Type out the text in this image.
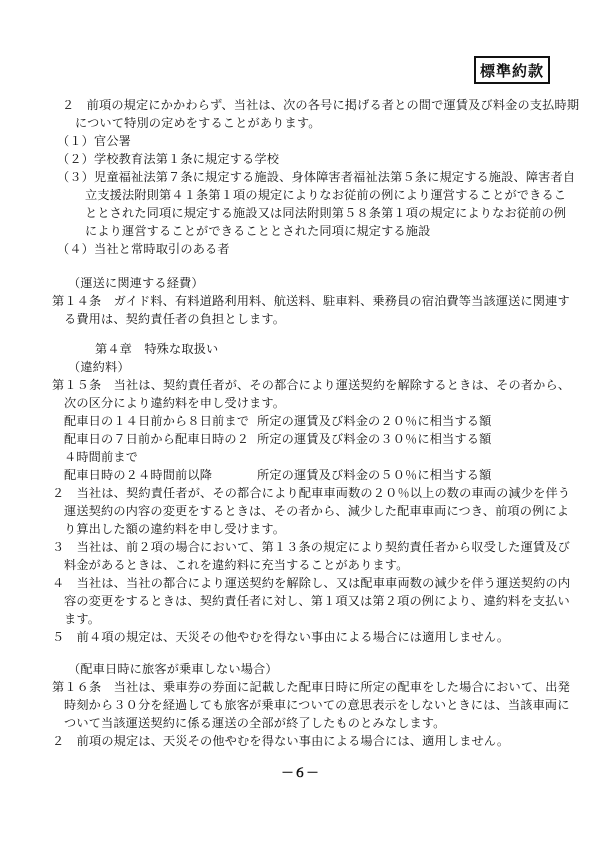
標準約款
２　前項の規定にかかわらず、当社は、次の各号に掲げる者との間で運賃及び料金の支払時期
について特別の定めをすることがあります。
（１）官公署
（２）学校教育法第１条に規定する学校
（３）児童福祉法第７条に規定する施設、身体障害者福祉法第５条に規定する施設、障害者自
立支援法附則第４１条第１項の規定によりなお従前の例により運営することができるこ
ととされた同項に規定する施設又は同法附則第５８条第１項の規定によりなお従前の例
により運営することができることとされた同項に規定する施設
（４）当社と常時取引のある者
（運送に関連する経費）
第１４条　ガイド料、有料道路利用料、航送料、駐車料、乗務員の宿泊費等当該運送に関連す
る費用は、契約責任者の負担とします。
第４章　特殊な取扱い
（違約料）
第１５条　当社は、契約責任者が、その都合により運送契約を解除するときは、その者から、
次の区分により違約料を申し受けます。
配車日の１４日前から８日前まで 所定の運賃及び料金の２０％に相当する額
配車日の７日前から配車日時の２ 所定の運賃及び料金の３０％に相当する額
４時間前まで
配車日時の２４時間前以降	所定の運賃及び料金の５０％に相当する額
２　当社は、契約責任者が、その都合により配車車両数の２０％以上の数の車両の減少を伴う
運送契約の内容の変更をするときは、その者から、減少した配車車両につき、前項の例によ
り算出した額の違約料を申し受けます。
３　当社は、前２項の場合において、第１３条の規定により契約責任者から収受した運賃及び
料金があるときは、これを違約料に充当することがあります。
４　当社は、当社の都合により運送契約を解除し、又は配車車両数の減少を伴う運送契約の内
容の変更をするときは、契約責任者に対し、第１項又は第２項の例により、違約料を支払い
ます。
５　前４項の規定は、天災その他やむを得ない事由による場合には適用しません。
（配車日時に旅客が乗車しない場合）
第１６条　当社は、乗車券の券面に記載した配車日時に所定の配車をした場合において、出発
時刻から３０分を経過しても旅客が乗車についての意思表示をしないときには、当該車両に
ついて当該運送契約に係る運送の全部が終了したものとみなします。
２　前項の規定は、天災その他やむを得ない事由による場合には、適用しません。
－６－
